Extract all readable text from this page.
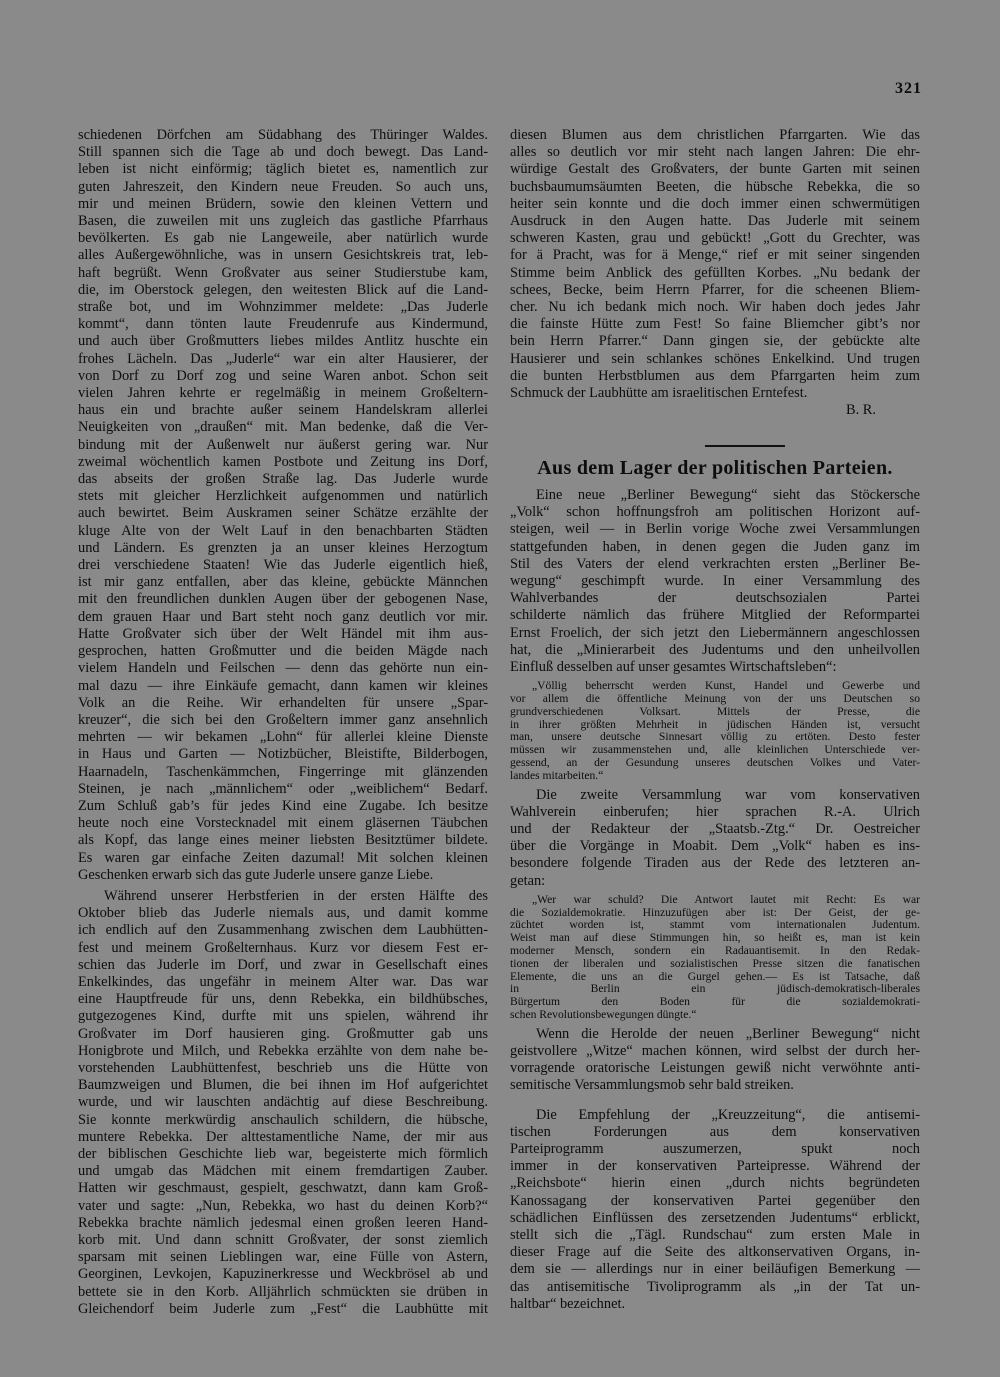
321
schiedenen Dörfchen am Südabhang des Thüringer Waldes.
Still spannen sich die Tage ab und doch bewegt. Das Land-
leben ist nicht einförmig; täglich bietet es, namentlich zur
guten Jahreszeit, den Kindern neue Freuden. So auch uns,
mir und meinen Brüdern, sowie den kleinen Vettern und
Basen, die zuweilen mit uns zugleich das gastliche Pfarrhaus
bevölkerten. Es gab nie Langeweile, aber natürlich wurde
alles Außergewöhnliche, was in unsern Gesichtskreis trat, leb-
haft begrüßt. Wenn Großvater aus seiner Studierstube kam,
die, im Oberstock gelegen, den weitesten Blick auf die Land-
straße bot, und im Wohnzimmer meldete: „Das Juderle
kommt“, dann tönten laute Freudenrufe aus Kindermund,
und auch über Großmutters liebes mildes Antlitz huschte ein
frohes Lächeln. Das „Juderle“ war ein alter Hausierer, der
von Dorf zu Dorf zog und seine Waren anbot. Schon seit
vielen Jahren kehrte er regelmäßig in meinem Großeltern-
haus ein und brachte außer seinem Handelskram allerlei
Neuigkeiten von „draußen“ mit. Man bedenke, daß die Ver-
bindung mit der Außenwelt nur äußerst gering war. Nur
zweimal wöchentlich kamen Postbote und Zeitung ins Dorf,
das abseits der großen Straße lag. Das Juderle wurde
stets mit gleicher Herzlichkeit aufgenommen und natürlich
auch bewirtet. Beim Auskramen seiner Schätze erzählte der
kluge Alte von der Welt Lauf in den benachbarten Städten
und Ländern. Es grenzten ja an unser kleines Herzogtum
drei verschiedene Staaten! Wie das Juderle eigentlich hieß,
ist mir ganz entfallen, aber das kleine, gebückte Männchen
mit den freundlichen dunklen Augen über der gebogenen Nase,
dem grauen Haar und Bart steht noch ganz deutlich vor mir.
Hatte Großvater sich über der Welt Händel mit ihm aus-
gesprochen, hatten Großmutter und die beiden Mägde nach
vielem Handeln und Feilschen — denn das gehörte nun ein-
mal dazu — ihre Einkäufe gemacht, dann kamen wir kleines
Volk an die Reihe. Wir erhandelten für unsere „Spar-
kreuzer“, die sich bei den Großeltern immer ganz ansehnlich
mehrten — wir bekamen „Lohn“ für allerlei kleine Dienste
in Haus und Garten — Notizbücher, Bleistifte, Bilderbogen,
Haarnadeln, Taschenkämmchen, Fingerringe mit glänzenden
Steinen, je nach „männlichem“ oder „weiblichem“ Bedarf.
Zum Schluß gab’s für jedes Kind eine Zugabe. Ich besitze
heute noch eine Vorstecknadel mit einem gläsernen Täubchen
als Kopf, das lange eines meiner liebsten Besitztümer bildete.
Es waren gar einfache Zeiten dazumal! Mit solchen kleinen
Geschenken erwarb sich das gute Juderle unsere ganze Liebe.
Während unserer Herbstferien in der ersten Hälfte des
Oktober blieb das Juderle niemals aus, und damit komme
ich endlich auf den Zusammenhang zwischen dem Laubhütten-
fest und meinem Großelternhaus. Kurz vor diesem Fest er-
schien das Juderle im Dorf, und zwar in Gesellschaft eines
Enkelkindes, das ungefähr in meinem Alter war. Das war
eine Hauptfreude für uns, denn Rebekka, ein bildhübsches,
gutgezogenes Kind, durfte mit uns spielen, während ihr
Großvater im Dorf hausieren ging. Großmutter gab uns
Honigbrote und Milch, und Rebekka erzählte von dem nahe be-
vorstehenden Laubhüttenfest, beschrieb uns die Hütte von
Baumzweigen und Blumen, die bei ihnen im Hof aufgerichtet
wurde, und wir lauschten andächtig auf diese Beschreibung.
Sie konnte merkwürdig anschaulich schildern, die hübsche,
muntere Rebekka. Der alttestamentliche Name, der mir aus
der biblischen Geschichte lieb war, begeisterte mich förmlich
und umgab das Mädchen mit einem fremdartigen Zauber.
Hatten wir geschmaust, gespielt, geschwatzt, dann kam Groß-
vater und sagte: „Nun, Rebekka, wo hast du deinen Korb?“
Rebekka brachte nämlich jedesmal einen großen leeren Hand-
korb mit. Und dann schnitt Großvater, der sonst ziemlich
sparsam mit seinen Lieblingen war, eine Fülle von Astern,
Georginen, Levkojen, Kapuzinerkresse und Weckbrösel ab und
bettete sie in den Korb. Alljährlich schmückten sie drüben in
Gleichendorf beim Juderle zum „Fest“ die Laubhütte mit
diesen Blumen aus dem christlichen Pfarrgarten. Wie das
alles so deutlich vor mir steht nach langen Jahren: Die ehr-
würdige Gestalt des Großvaters, der bunte Garten mit seinen
buchsbaumumsäumten Beeten, die hübsche Rebekka, die so
heiter sein konnte und die doch immer einen schwermütigen
Ausdruck in den Augen hatte. Das Juderle mit seinem
schweren Kasten, grau und gebückt! „Gott du Grechter, was
for ä Pracht, was for ä Menge,“ rief er mit seiner singenden
Stimme beim Anblick des gefüllten Korbes. „Nu bedank der
schees, Becke, beim Herrn Pfarrer, for die scheenen Bliem-
cher. Nu ich bedank mich noch. Wir haben doch jedes Jahr
die fainste Hütte zum Fest! So faine Bliemcher gibt’s nor
bein Herrn Pfarrer.“ Dann gingen sie, der gebückte alte
Hausierer und sein schlankes schönes Enkelkind. Und trugen
die bunten Herbstblumen aus dem Pfarrgarten heim zum
Schmuck der Laubhütte am israelitischen Erntefest.
B. R.
Aus dem Lager der politischen Parteien.
Eine neue „Berliner Bewegung“ sieht das Stöckersche
„Volk“ schon hoffnungsfroh am politischen Horizont auf-
steigen, weil — in Berlin vorige Woche zwei Versammlungen
stattgefunden haben, in denen gegen die Juden ganz im
Stil des Vaters der elend verkrachten ersten „Berliner Be-
wegung“ geschimpft wurde. In einer Versammlung des
Wahlverbandes der deutschsozialen Partei
schilderte nämlich das frühere Mitglied der Reformpartei
Ernst Froelich, der sich jetzt den Liebermännern angeschlossen
hat, die „Minierarbeit des Judentums und den unheilvollen
Einfluß desselben auf unser gesamtes Wirtschaftsleben“:
„Völlig beherrscht werden Kunst, Handel und Gewerbe und
vor allem die öffentliche Meinung von der uns Deutschen so
grundverschiedenen Volksart. Mittels der Presse, die
in ihrer größten Mehrheit in jüdischen Händen ist, versucht
man, unsere deutsche Sinnesart völlig zu ertöten. Desto fester
müssen wir zusammenstehen und, alle kleinlichen Unterschiede ver-
gessend, an der Gesundung unseres deutschen Volkes und Vater-
landes mitarbeiten.“
Die zweite Versammlung war vom konservativen
Wahlverein einberufen; hier sprachen R.-A. Ulrich
und der Redakteur der „Staatsb.-Ztg.“ Dr. Oestreicher
über die Vorgänge in Moabit. Dem „Volk“ haben es ins-
besondere folgende Tiraden aus der Rede des letzteren an-
getan:
„Wer war schuld? Die Antwort lautet mit Recht: Es war
die Sozialdemokratie. Hinzuzufügen aber ist: Der Geist, der ge-
züchtet worden ist, stammt vom internationalen Judentum.
Weist man auf diese Stimmungen hin, so heißt es, man ist kein
moderner Mensch, sondern ein Radauantisemit. In den Redak-
tionen der liberalen und sozialistischen Presse sitzen die fanatischen
Elemente, die uns an die Gurgel gehen.— Es ist Tatsache, daß
in Berlin ein jüdisch-demokratisch-liberales
Bürgertum den Boden für die sozialdemokrati-
schen Revolutionsbewegungen düngte.“
Wenn die Herolde der neuen „Berliner Bewegung“ nicht
geistvollere „Witze“ machen können, wird selbst der durch her-
vorragende oratorische Leistungen gewiß nicht verwöhnte anti-
semitische Versammlungsmob sehr bald streiken.
Die Empfehlung der „Kreuzzeitung“, die antisemi-
tischen Forderungen aus dem konservativen
Parteiprogramm auszumerzen, spukt noch
immer in der konservativen Parteipresse. Während der
„Reichsbote“ hierin einen „durch nichts begründeten
Kanossagang der konservativen Partei gegenüber den
schädlichen Einflüssen des zersetzenden Judentums“ erblickt,
stellt sich die „Tägl. Rundschau“ zum ersten Male in
dieser Frage auf die Seite des altkonservativen Organs, in-
dem sie — allerdings nur in einer beiläufigen Bemerkung —
das antisemitische Tivoliprogramm als „in der Tat un-
haltbar“ bezeichnet.
